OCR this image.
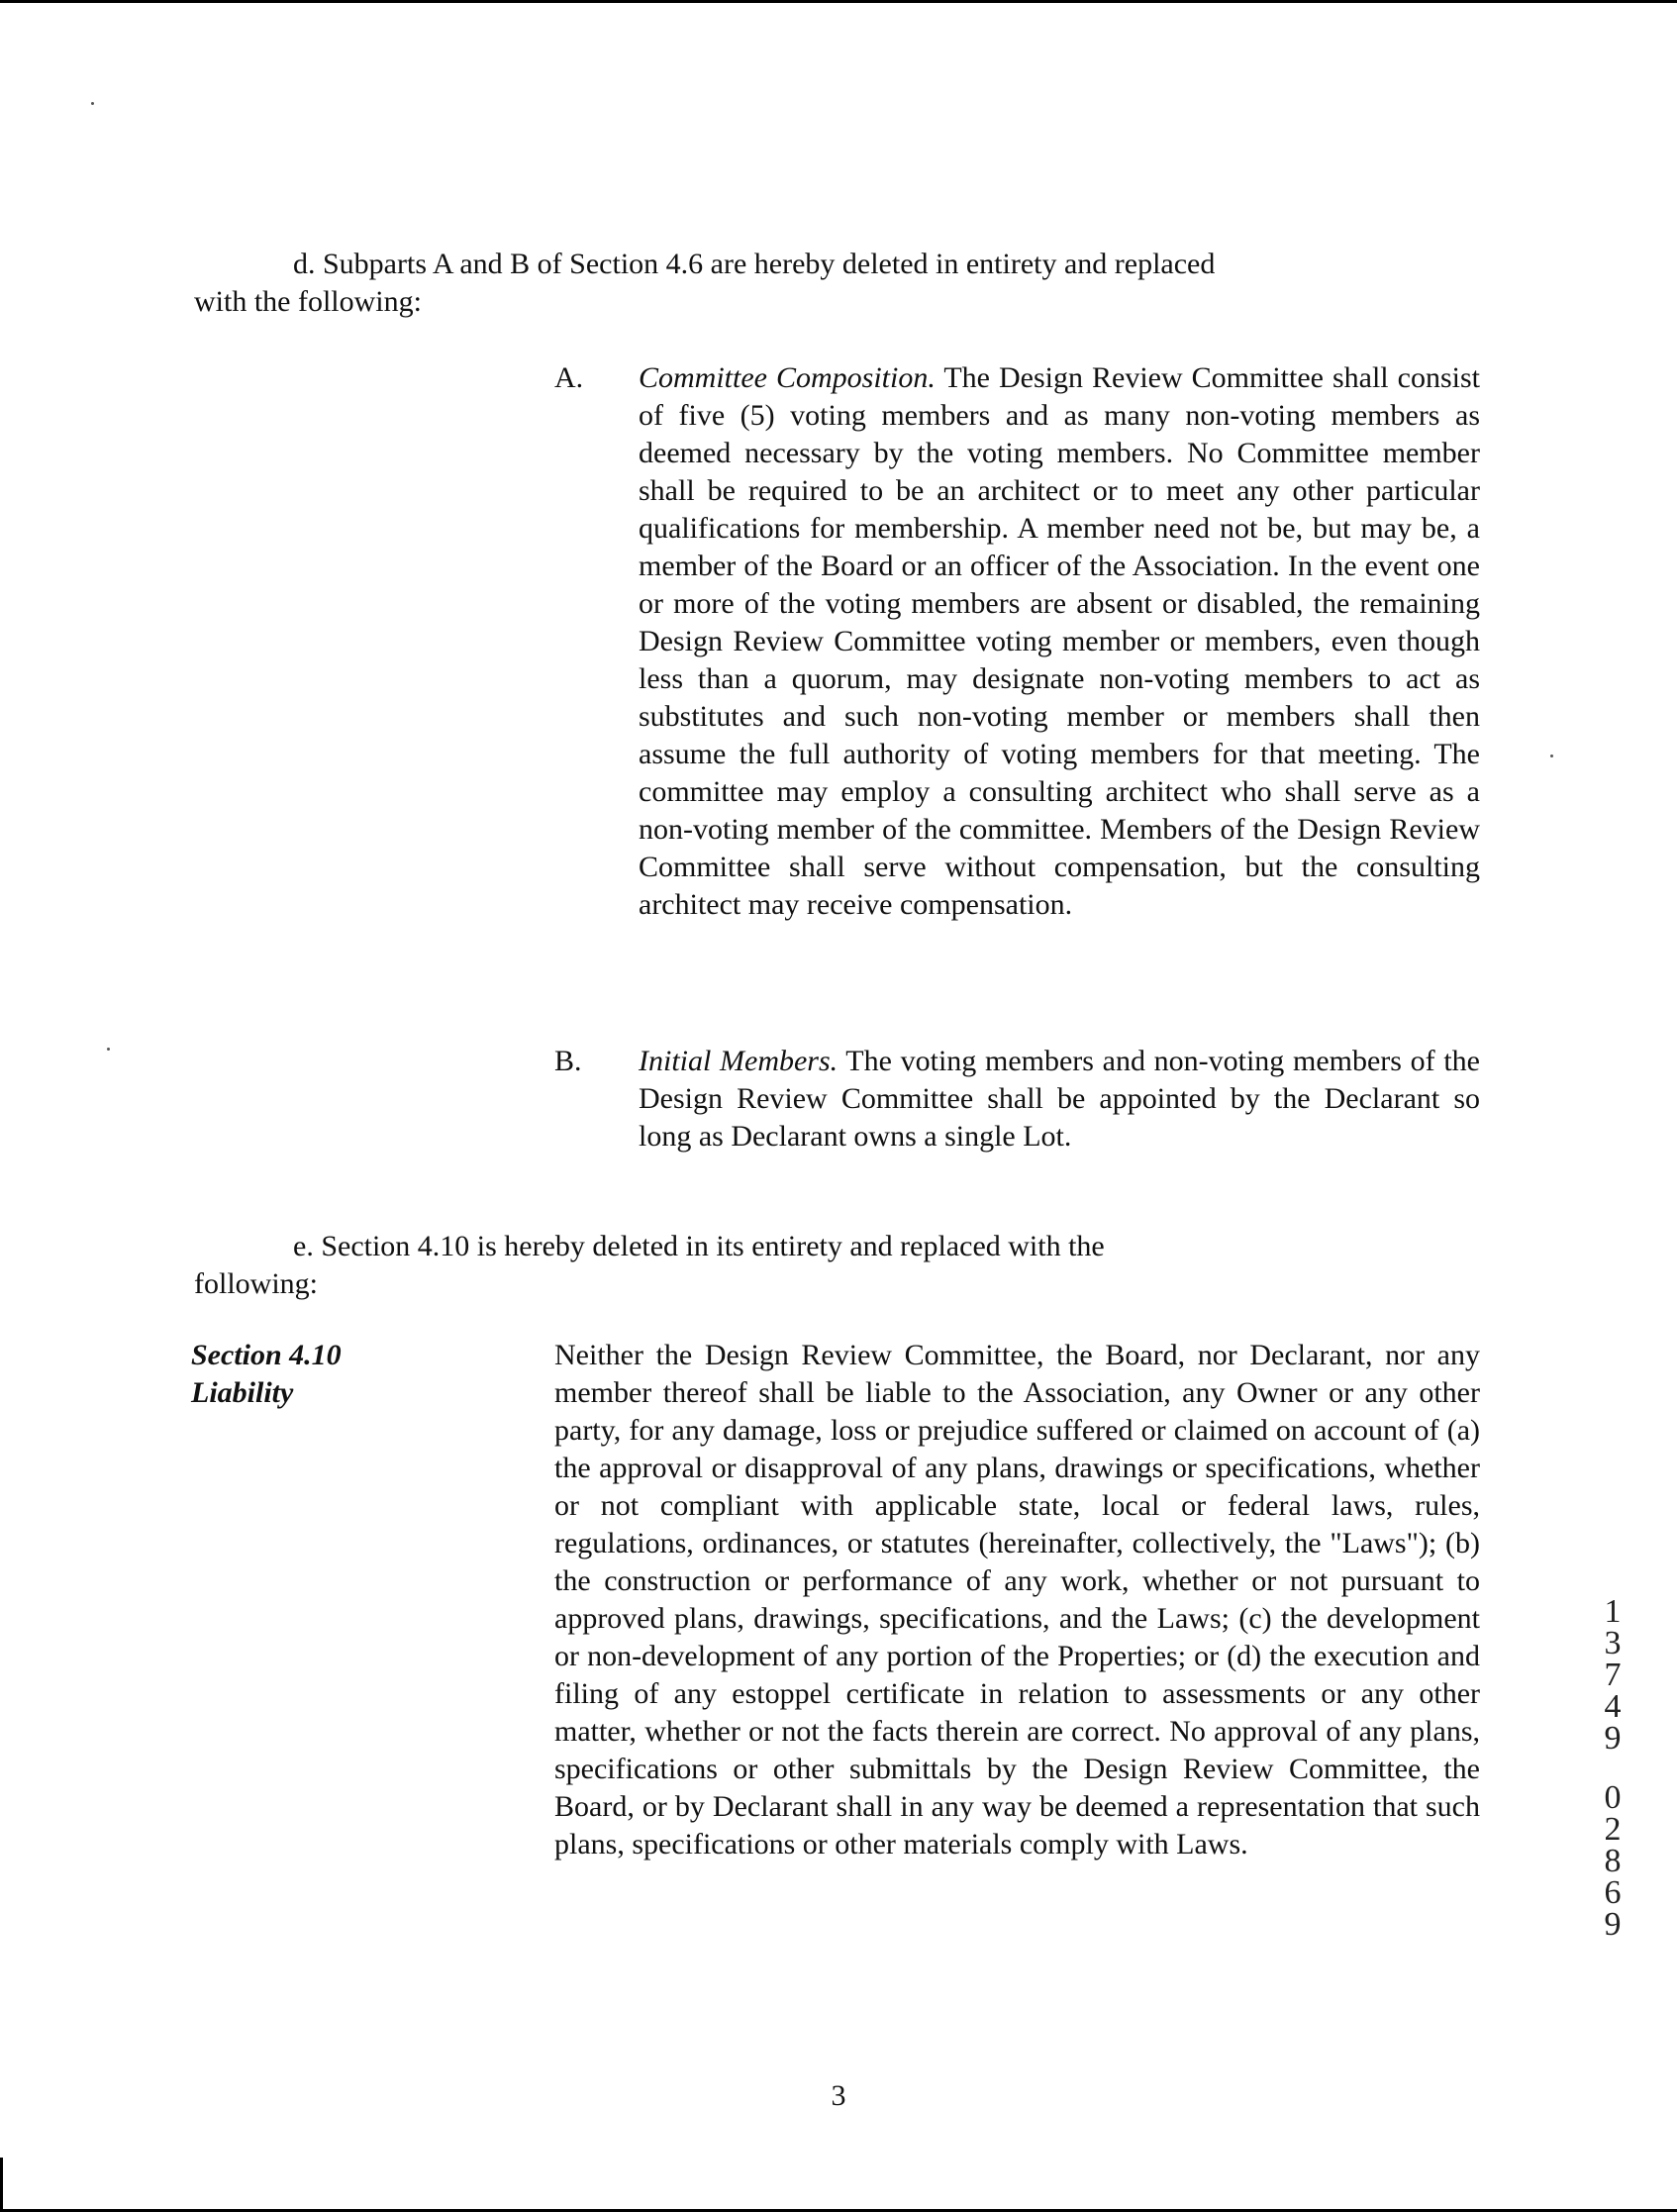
d. Subparts A and B of Section 4.6 are hereby deleted in entirety and replaced
with the following:

A. Committee Composition. The Design Review Committee shall consist of five (5) voting members and as many non-voting members as deemed necessary by the voting members. No Committee member shall be required to be an architect or to meet any other particular qualifications for membership. A member need not be, but may be, a member of the Board or an officer of the Association. In the event one or more of the voting members are absent or disabled, the remaining Design Review Committee voting member or members, even though less than a quorum, may designate non-voting members to act as substitutes and such non-voting member or members shall then assume the full authority of voting members for that meeting. The committee may employ a consulting architect who shall serve as a non-voting member of the committee. Members of the Design Review Committee shall serve without compensation, but the consulting architect may receive compensation.

B. Initial Members. The voting members and non-voting members of the Design Review Committee shall be appointed by the Declarant so long as Declarant owns a single Lot.

e. Section 4.10 is hereby deleted in its entirety and replaced with the
following:

Section 4.10
Liability

Neither the Design Review Committee, the Board, nor Declarant, nor any member thereof shall be liable to the Association, any Owner or any other party, for any damage, loss or prejudice suffered or claimed on account of (a) the approval or disapproval of any plans, drawings or specifications, whether or not compliant with applicable state, local or federal laws, rules, regulations, ordinances, or statutes (hereinafter, collectively, the "Laws"); (b) the construction or performance of any work, whether or not pursuant to approved plans, drawings, specifications, and the Laws; (c) the development or non-development of any portion of the Properties; or (d) the execution and filing of any estoppel certificate in relation to assessments or any other matter, whether or not the facts therein are correct. No approval of any plans, specifications or other submittals by the Design Review Committee, the Board, or by Declarant shall in any way be deemed a representation that such plans, specifications or other materials comply with Laws.

3
1
3
7
4
9
0
2
8
6
9
